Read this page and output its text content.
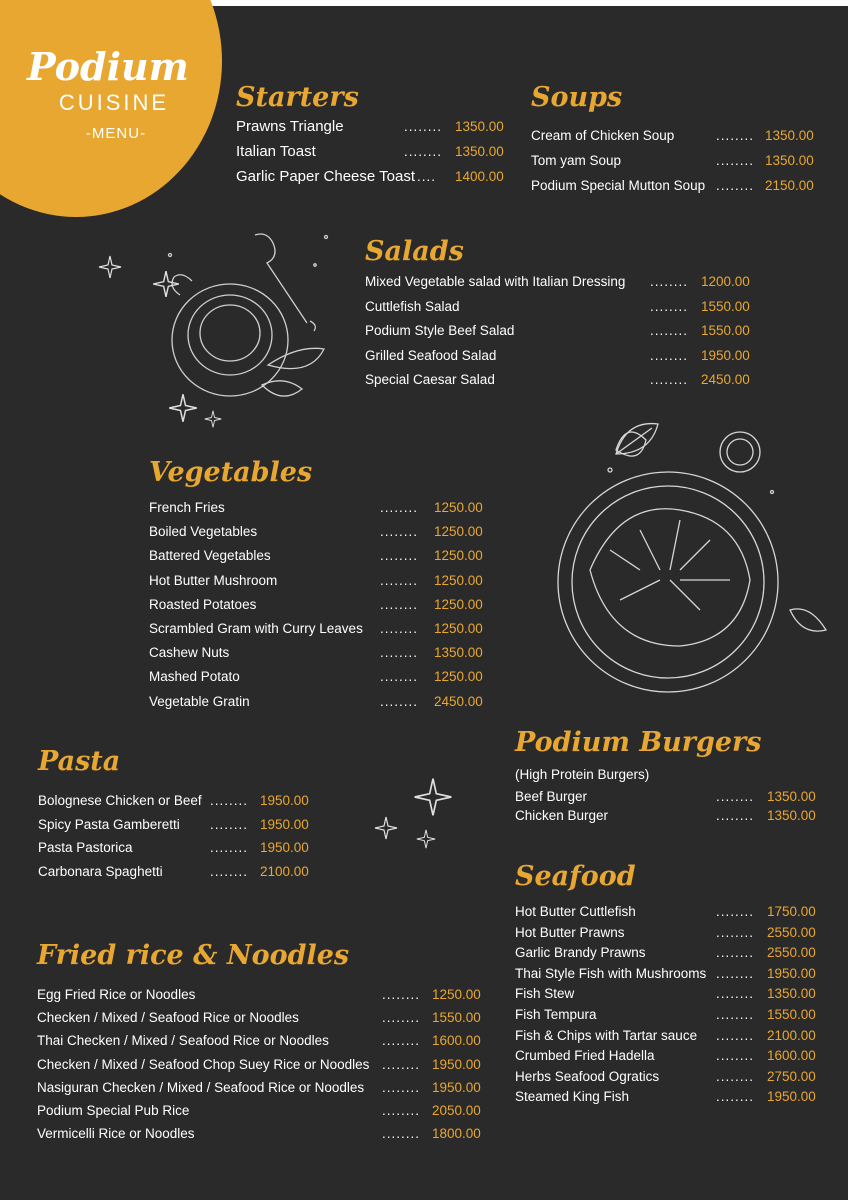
Podium
CUISINE
-MENU-
Starters
........
Prawns Triangle	1350.00
........
Italian Toast	1350.00
....
Garlic Paper Cheese Toast	1400.00
Soups
........
Cream of Chicken Soup	1350.00
........
Tom yam Soup	1350.00
........
Podium Special Mutton Soup	2150.00
Salads
........
Mixed Vegetable salad with Italian Dressing	1200.00
........
Cuttlefish Salad	1550.00
........
Podium Style Beef Salad	1550.00
........
Grilled Seafood Salad	1950.00
........
Special Caesar Salad	2450.00
Vegetables
........
French Fries	1250.00
........
Boiled Vegetables	1250.00
........
Battered Vegetables	1250.00
........
Hot Butter Mushroom	1250.00
........
Roasted Potatoes	1250.00
........
Scrambled Gram with Curry Leaves	1250.00
........
Cashew Nuts	1350.00
........
Mashed Potato	1250.00
........
Vegetable Gratin	2450.00
Pasta
........
Bolognese Chicken or Beef	1950.00
........
Spicy Pasta Gamberetti	1950.00
........
Pasta Pastorica	1950.00
........
Carbonara Spaghetti	2100.00
Podium Burgers
(High Protein Burgers)
........
Beef Burger	1350.00
........
Chicken Burger	1350.00
Fried rice & Noodles
........
Egg Fried Rice or Noodles	1250.00
........
Checken / Mixed / Seafood Rice or Noodles	1550.00
........
Thai Checken / Mixed / Seafood Rice or Noodles	1600.00
........
Checken / Mixed / Seafood Chop Suey Rice or Noodles	1950.00
........
Nasiguran Checken / Mixed / Seafood Rice or Noodles	1950.00
........
Podium Special Pub Rice	2050.00
........
Vermicelli Rice or Noodles	1800.00
Seafood
........
Hot Butter Cuttlefish	1750.00
........
Hot Butter Prawns	2550.00
........
Garlic Brandy Prawns	2550.00
........
Thai Style Fish with Mushrooms	1950.00
........
Fish Stew	1350.00
........
Fish Tempura	1550.00
........
Fish & Chips with Tartar sauce	2100.00
........
Crumbed Fried Hadella	1600.00
........
Herbs Seafood Ogratics	2750.00
........
Steamed King Fish	1950.00
